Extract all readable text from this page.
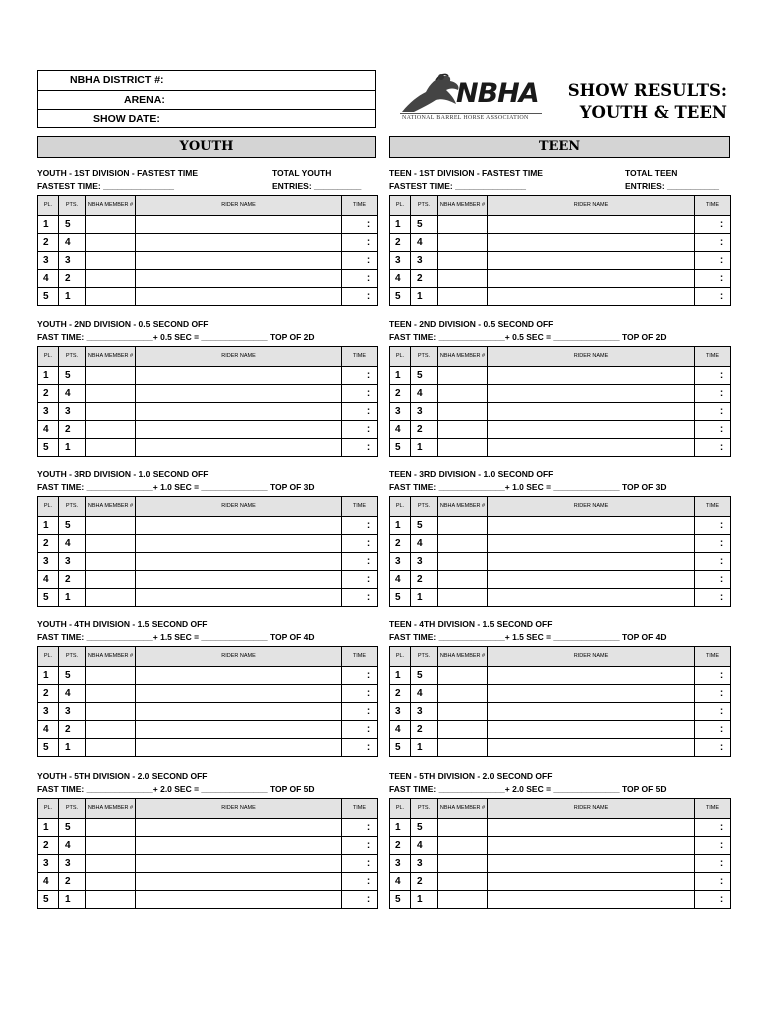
NBHA DISTRICT #:
ARENA:
SHOW DATE:
NBHA
NATIONAL BARREL HORSE ASSOCIATION
SHOW RESULTS:
YOUTH & TEEN
YOUTH	TEEN
YOUTH - 1ST DIVISION - FASTEST TIME
FASTEST TIME: _______________
TOTAL YOUTH
ENTRIES: __________
PL.	PTS.	NBHA MEMBER #	RIDER NAME	TIME
1	5			:
2	4			:
3	3			:
4	2			:
5	1			:
YOUTH - 2ND DIVISION - 0.5 SECOND OFF
FAST TIME: ______________+ 0.5 SEC = ______________ TOP OF 2D
PL.	PTS.	NBHA MEMBER #	RIDER NAME	TIME
1	5			:
2	4			:
3	3			:
4	2			:
5	1			:
YOUTH - 3RD DIVISION - 1.0 SECOND OFF
FAST TIME: ______________+ 1.0 SEC = ______________ TOP OF 3D
PL.	PTS.	NBHA MEMBER #	RIDER NAME	TIME
1	5			:
2	4			:
3	3			:
4	2			:
5	1			:
YOUTH - 4TH DIVISION - 1.5 SECOND OFF
FAST TIME: ______________+ 1.5 SEC = ______________ TOP OF 4D
PL.	PTS.	NBHA MEMBER #	RIDER NAME	TIME
1	5			:
2	4			:
3	3			:
4	2			:
5	1			:
YOUTH - 5TH DIVISION - 2.0 SECOND OFF
FAST TIME: ______________+ 2.0 SEC = ______________ TOP OF 5D
PL.	PTS.	NBHA MEMBER #	RIDER NAME	TIME
1	5			:
2	4			:
3	3			:
4	2			:
5	1			:
TEEN - 1ST DIVISION - FASTEST TIME
FASTEST TIME: _______________
TOTAL TEEN
ENTRIES: ___________
PL.	PTS.	NBHA MEMBER #	RIDER NAME	TIME
1	5			:
2	4			:
3	3			:
4	2			:
5	1			:
TEEN - 2ND DIVISION - 0.5 SECOND OFF
FAST TIME: ______________+ 0.5 SEC = ______________ TOP OF 2D
PL.	PTS.	NBHA MEMBER #	RIDER NAME	TIME
1	5			:
2	4			:
3	3			:
4	2			:
5	1			:
TEEN - 3RD DIVISION - 1.0 SECOND OFF
FAST TIME: ______________+ 1.0 SEC = ______________ TOP OF 3D
PL.	PTS.	NBHA MEMBER #	RIDER NAME	TIME
1	5			:
2	4			:
3	3			:
4	2			:
5	1			:
TEEN - 4TH DIVISION - 1.5 SECOND OFF
FAST TIME: ______________+ 1.5 SEC = ______________ TOP OF 4D
PL.	PTS.	NBHA MEMBER #	RIDER NAME	TIME
1	5			:
2	4			:
3	3			:
4	2			:
5	1			:
TEEN - 5TH DIVISION - 2.0 SECOND OFF
FAST TIME: ______________+ 2.0 SEC = ______________ TOP OF 5D
PL.	PTS.	NBHA MEMBER #	RIDER NAME	TIME
1	5			:
2	4			:
3	3			:
4	2			:
5	1			:
